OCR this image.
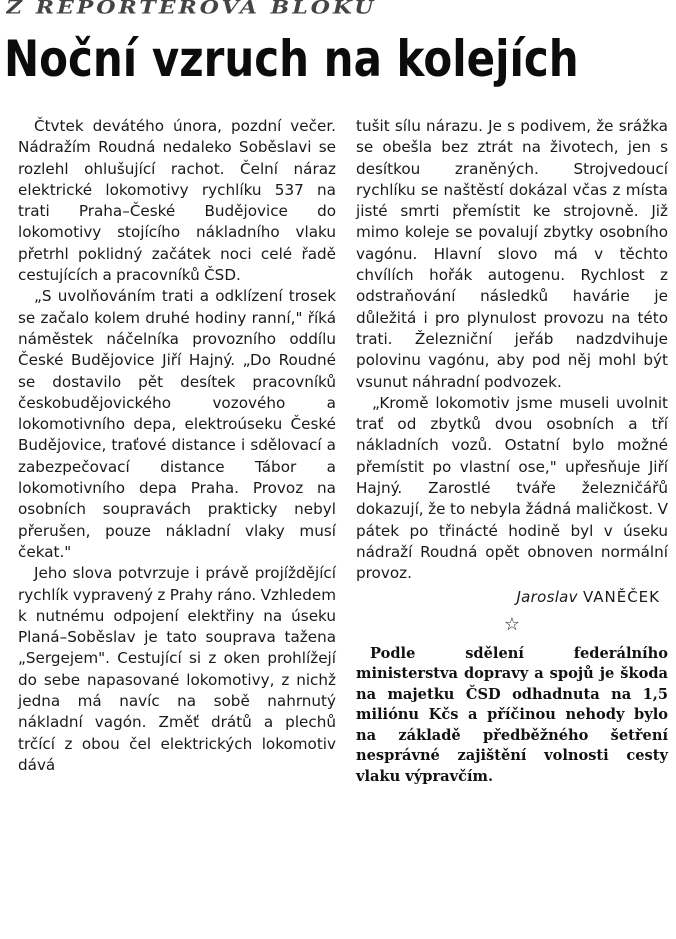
Z REPORTEROVA BLOKU
Noční vzruch na kolejích

Čtvtek devátého února, pozdní večer. Nádražím Roudná nedaleko Soběslavi se rozlehl ohlušující rachot. Čelní náraz elektrické lokomotivy rychlíku 537 na trati Praha–České Budějovice do lokomotivy stojícího nákladního vlaku přetrhl poklidný začátek noci celé řadě cestujících a pracovníků ČSD.

„S uvolňováním trati a odklízení trosek se začalo kolem druhé hodiny ranní," říká náměstek náčelníka provozního oddílu České Budějovice Jiří Hajný. „Do Roudné se dostavilo pět desítek pracovníků českobudějovického vozového a lokomotivního depa, elektroúseku České Budějovice, traťové distance i sdělovací a zabezpečovací distance Tábor a lokomotivního depa Praha. Provoz na osobních soupravách prakticky nebyl přerušen, pouze nákladní vlaky musí čekat."

Jeho slova potvrzuje i právě projíždějící rychlík vypravený z Prahy ráno. Vzhledem k nutnému odpojení elektřiny na úseku Planá–Soběslav je tato souprava tažena „Sergejem". Cestující si z oken prohlížejí do sebe napasované lokomotivy, z nichž jedna má navíc na sobě nahrnutý nákladní vagón. Změť drátů a plechů trčící z obou čel elektrických lokomotiv dává

tušit sílu nárazu. Je s podivem, že srážka se obešla bez ztrát na životech, jen s desítkou zraněných. Strojvedoucí rychlíku se naštěstí dokázal včas z místa jisté smrti přemístit ke strojovně. Již mimo koleje se povalují zbytky osobního vagónu. Hlavní slovo má v těchto chvílích hořák autogenu. Rychlost z odstraňování následků havárie je důležitá i pro plynulost provozu na této trati. Železniční jeřáb nadzdvihuje polovinu vagónu, aby pod něj mohl být vsunut náhradní podvozek.

„Kromě lokomotiv jsme museli uvolnit trať od zbytků dvou osobních a tří nákladních vozů. Ostatní bylo možné přemístit po vlastní ose," upřesňuje Jiří Hajný. Zarostlé tváře železničářů dokazují, že to nebyla žádná maličkost. V pátek po třinácté hodině byl v úseku nádraží Roudná opět obnoven normální provoz.

Jaroslav VANĚČEK
☆

Podle sdělení federálního ministerstva dopravy a spojů je škoda na majetku ČSD odhadnuta na 1,5 miliónu Kčs a příčinou nehody bylo na základě předběžného šetření nesprávné zajištění volnosti cesty vlaku výpravčím.
